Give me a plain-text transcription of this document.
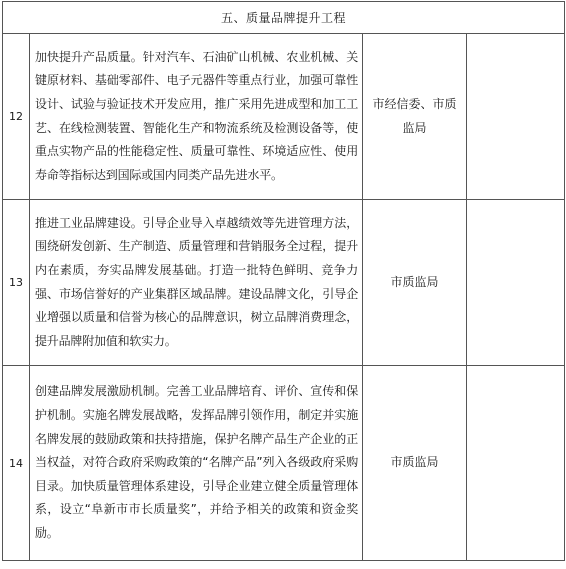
五、质量品牌提升工程			
12	加快提升产品质量。针对汽车、石油矿山机械、农业机械、关键原材料、基础零部件、电子元器件等重点行业，加强可靠性设计、试验与验证技术开发应用，推广采用先进成型和加工工艺、在线检测装置、智能化生产和物流系统及检测设备等，使重点实物产品的性能稳定性、质量可靠性、环境适应性、使用寿命等指标达到国际或国内同类产品先进水平。	市经信委、市质监局	
13	推进工业品牌建设。引导企业导入卓越绩效等先进管理方法，围绕研发创新、生产制造、质量管理和营销服务全过程，提升内在素质，夯实品牌发展基础。打造一批特色鲜明、竞争力强、市场信誉好的产业集群区域品牌。建设品牌文化，引导企业增强以质量和信誉为核心的品牌意识，树立品牌消费理念，提升品牌附加值和软实力。	市质监局	
14	创建品牌发展激励机制。完善工业品牌培育、评价、宣传和保护机制。实施名牌发展战略，发挥品牌引领作用，制定并实施名牌发展的鼓励政策和扶持措施，保护名牌产品生产企业的正当权益，对符合政府采购政策的“名牌产品”列入各级政府采购目录。加快质量管理体系建设，引导企业建立健全质量管理体系，设立“阜新市市长质量奖”，并给予相关的政策和资金奖励。	市质监局	
